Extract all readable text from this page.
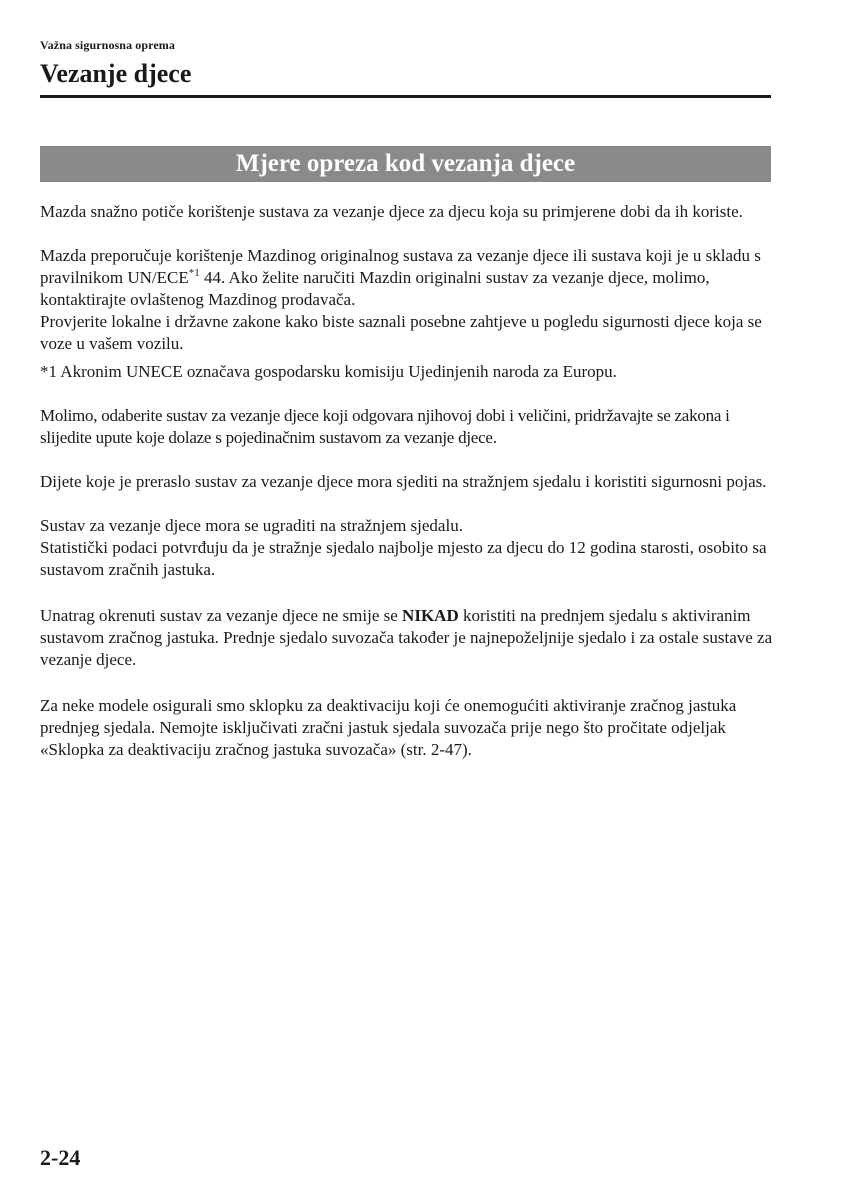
Važna sigurnosna oprema
Vezanje djece
Mjere opreza kod vezanja djece

Mazda snažno potiče korištenje sustava za vezanje djece za djecu koja su primjerene dobi da ih koriste.

Mazda preporučuje korištenje Mazdinog originalnog sustava za vezanje djece ili sustava koji je u skladu s pravilnikom UN/ECE$^{*1}$ 44. Ako želite naručiti Mazdin originalni sustav za vezanje djece, molimo, kontaktirajte ovlaštenog Mazdinog prodavača.
Provjerite lokalne i državne zakone kako biste saznali posebne zahtjeve u pogledu sigurnosti djece koja se voze u vašem vozilu.

*1 Akronim UNECE označava gospodarsku komisiju Ujedinjenih naroda za Europu.

Molimo, odaberite sustav za vezanje djece koji odgovara njihovoj dobi i veličini, pridržavajte se zakona i slijedite upute koje dolaze s pojedinačnim sustavom za vezanje djece.

Dijete koje je preraslo sustav za vezanje djece mora sjediti na stražnjem sjedalu i koristiti sigurnosni pojas.

Sustav za vezanje djece mora se ugraditi na stražnjem sjedalu.
Statistički podaci potvrđuju da je stražnje sjedalo najbolje mjesto za djecu do 12 godina starosti, osobito sa sustavom zračnih jastuka.

Unatrag okrenuti sustav za vezanje djece ne smije se NIKAD koristiti na prednjem sjedalu s aktiviranim sustavom zračnog jastuka. Prednje sjedalo suvozača također je najnepoželjnije sjedalo i za ostale sustave za vezanje djece.

Za neke modele osigurali smo sklopku za deaktivaciju koji će onemogućiti aktiviranje zračnog jastuka prednjeg sjedala. Nemojte isključivati zračni jastuk sjedala suvozača prije nego što pročitate odjeljak «Sklopka za deaktivaciju zračnog jastuka suvozača» (str. 2-47).

2-24
